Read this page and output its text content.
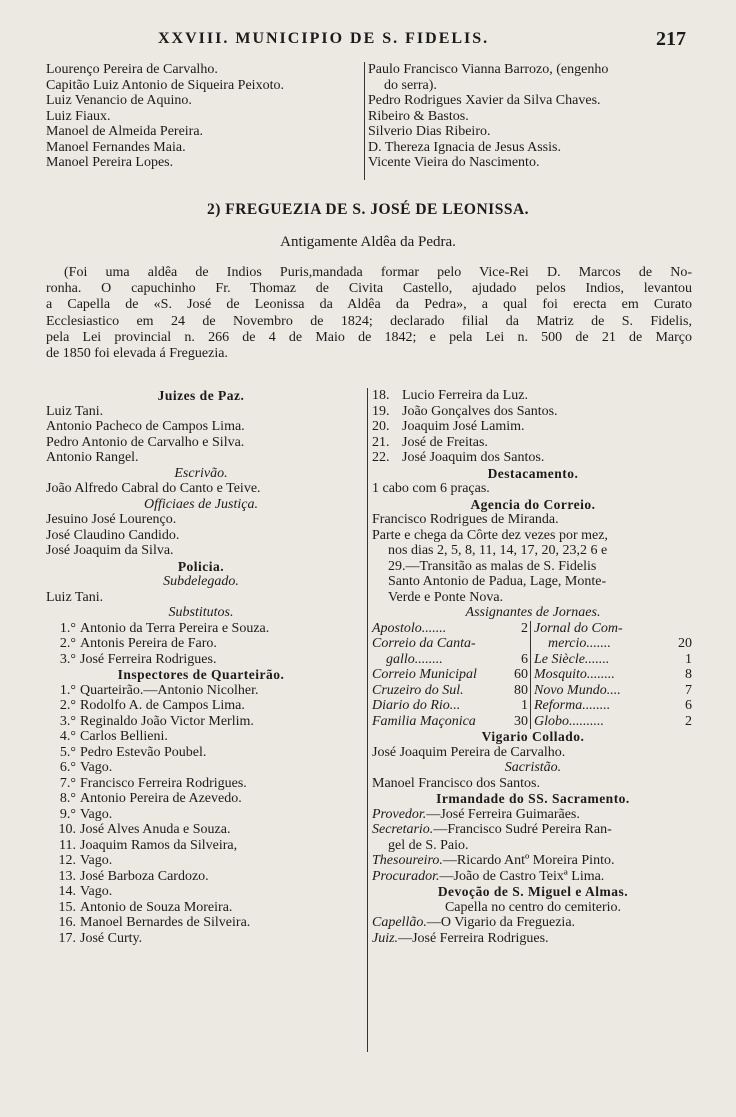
XXVIII. MUNICIPIO DE S. FIDELIS.	217
Lourenço Pereira de Carvalho.
Capitão Luiz Antonio de Siqueira Peixoto.
Luiz Venancio de Aquino.
Luiz Fiaux.
Manoel de Almeida Pereira.
Manoel Fernandes Maia.
Manoel Pereira Lopes.
Paulo Francisco Vianna Barrozo, (engenho
do serra).
Pedro Rodrigues Xavier da Silva Chaves.
Ribeiro & Bastos.
Silverio Dias Ribeiro.
D. Thereza Ignacia de Jesus Assis.
Vicente Vieira do Nascimento.
2) FREGUEZIA DE S. JOSÉ DE LEONISSA.
Antigamente Aldêa da Pedra.
(Foi uma aldêa de Indios Puris,mandada formar pelo Vice-Rei D. Marcos de No-
ronha. O capuchinho Fr. Thomaz de Civita Castello, ajudado pelos Indios, levantou
a Capella de «S. José de Leonissa da Aldêa da Pedra», a qual foi erecta em Curato
Ecclesiastico em 24 de Novembro de 1824; declarado filial da Matriz de S. Fidelis,
pela Lei provincial n. 266 de 4 de Maio de 1842; e pela Lei n. 500 de 21 de Março
de 1850 foi elevada á Freguezia.
Juizes de Paz.
Luiz Tani.
Antonio Pacheco de Campos Lima.
Pedro Antonio de Carvalho e Silva.
Antonio Rangel.
Escrivão.
João Alfredo Cabral do Canto e Teive.
Officiaes de Justiça.
Jesuino José Lourenço.
José Claudino Candido.
José Joaquim da Silva.
Policia.
Subdelegado.
Luiz Tani.
Substitutos.
1.° Antonio da Terra Pereira e Souza.
2.° Antonis Pereira de Faro.
3.° José Ferreira Rodrigues.
Inspectores de Quarteirão.
1.° Quarteirão.—Antonio Nicolher.
2.° Rodolfo A. de Campos Lima.
3.° Reginaldo João Victor Merlim.
4.° Carlos Bellieni.
5.° Pedro Estevão Poubel.
6.° Vago.
7.° Francisco Ferreira Rodrigues.
8.° Antonio Pereira de Azevedo.
9.° Vago.
10. José Alves Anuda e Souza.
11. Joaquim Ramos da Silveira,
12. Vago.
13. José Barboza Cardozo.
14. Vago.
15. Antonio de Souza Moreira.
16. Manoel Bernardes de Silveira.
17. José Curty.
18. Lucio Ferreira da Luz.
19. João Gonçalves dos Santos.
20. Joaquim José Lamim.
21. José de Freitas.
22. José Joaquim dos Santos.
Destacamento.
1 cabo com 6 praças.
Agencia do Correio.
Francisco Rodrigues de Miranda.
Parte e chega da Côrte dez vezes por mez,
nos dias 2, 5, 8, 11, 14, 17, 20, 23,2 6 e
29.—Transitão as malas de S. Fidelis
Santo Antonio de Padua, Lage, Monte-
Verde e Ponte Nova.
Assignantes de Jornaes.
Apostolo.......	2
Correio da Canta-
gallo........	6
Correio Municipal	60
Cruzeiro do Sul.	80
Diario do Rio...	1
Familia Maçonica	30
Jornal do Com-
mercio.......	20
Le Siècle.......	1
Mosquito........	8
Novo Mundo....	7
Reforma........	6
Globo..........	2
Vigario Collado.
José Joaquim Pereira de Carvalho.
Sacristão.
Manoel Francisco dos Santos.
Irmandade do SS. Sacramento.
Provedor.—José Ferreira Guimarães.
Secretario.—Francisco Sudré Pereira Ran-
gel de S. Paio.
Thesoureiro.—Ricardo Antº Moreira Pinto.
Procurador.—João de Castro Teixª Lima.
Devoção de S. Miguel e Almas.
Capella no centro do cemiterio.
Capellão.—O Vigario da Freguezia.
Juiz.—José Ferreira Rodrigues.
